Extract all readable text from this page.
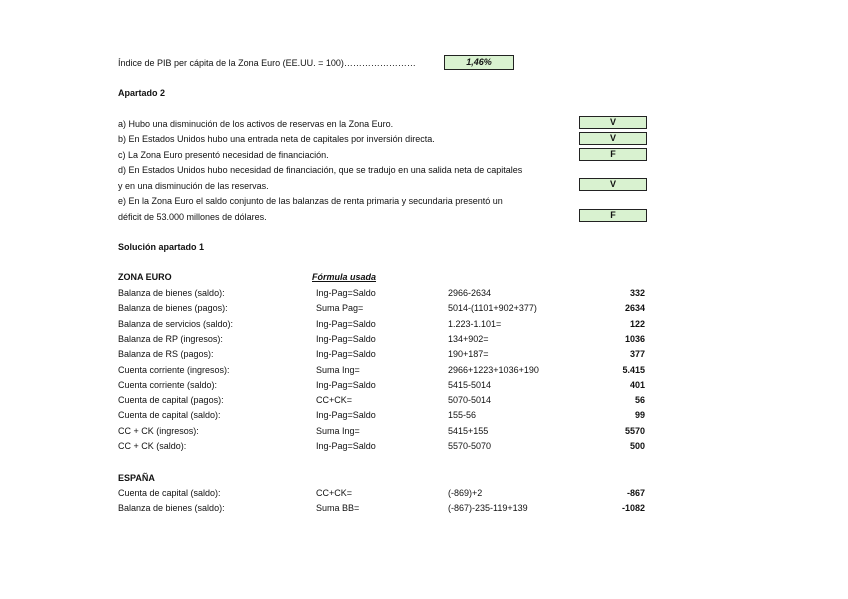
Índice de PIB per cápita de la Zona Euro (EE.UU. = 100)……………………	1,46%
Apartado 2
a) Hubo una disminución de los activos de reservas en la Zona Euro.	V
b) En Estados Unidos hubo una entrada neta de capitales por inversión directa.	V
c) La Zona Euro presentó necesidad de financiación.	F
d) En Estados Unidos hubo necesidad de financiación, que se tradujo en una salida neta de capitales
y en una disminución de las reservas.	V
e) En la Zona Euro el saldo conjunto de las balanzas de renta primaria y secundaria presentó un
déficit de 53.000 millones de dólares.	F
Solución apartado 1
ZONA EURO	Fórmula usada
Balanza de bienes (saldo):	Ing-Pag=Saldo	2966-2634	332
Balanza de bienes (pagos):	Suma Pag=	5014-(1101+902+377)	2634
Balanza de servicios (saldo):	Ing-Pag=Saldo	1.223-1.101=	122
Balanza de RP (ingresos):	Ing-Pag=Saldo	134+902=	1036
Balanza de RS (pagos):	Ing-Pag=Saldo	190+187=	377
Cuenta corriente (ingresos):	Suma Ing=	2966+1223+1036+190	5.415
Cuenta corriente (saldo):	Ing-Pag=Saldo	5415-5014	401
Cuenta de capital (pagos):	CC+CK=	5070-5014	56
Cuenta de capital (saldo):	Ing-Pag=Saldo	155-56	99
CC + CK (ingresos):	Suma Ing=	5415+155	5570
CC + CK (saldo):	Ing-Pag=Saldo	5570-5070	500
ESPAÑA
Cuenta de capital (saldo):	CC+CK=	(-869)+2	-867
Balanza de bienes (saldo):	Suma BB=	(-867)-235-119+139	-1082
